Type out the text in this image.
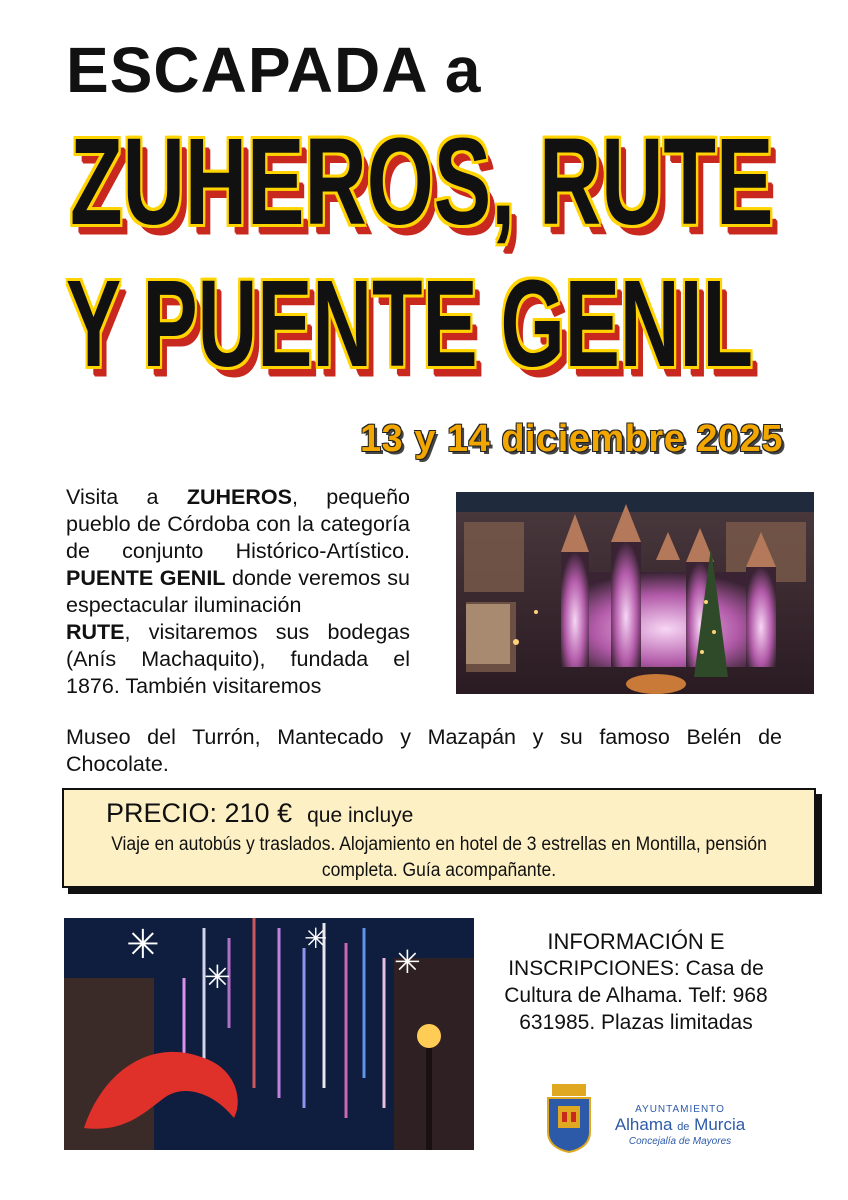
ESCAPADA a
ZUHEROS, RUTE
Y PUENTE GENIL
13 y 14 diciembre 2025
Visita a ZUHEROS, pequeño pueblo de Córdoba con la categoría de conjunto Histórico-Artístico. PUENTE GENIL donde veremos su espectacular iluminación
RUTE, visitaremos sus bodegas (Anís Machaquito), fundada el 1876. También visitaremos
Museo del Turrón, Mantecado y Mazapán y su famoso Belén de Chocolate.
PRECIO: 210 € que incluye
Viaje en autobús y traslados. Alojamiento en hotel de 3 estrellas en Montilla, pensión completa. Guía acompañante.
✳
✳
✳
✳
INFORMACIÓN E
INSCRIPCIONES: Casa de Cultura de Alhama. Telf: 968 631985. Plazas limitadas
AYUNTAMIENTO
Alhama de Murcia
Concejalía de Mayores
